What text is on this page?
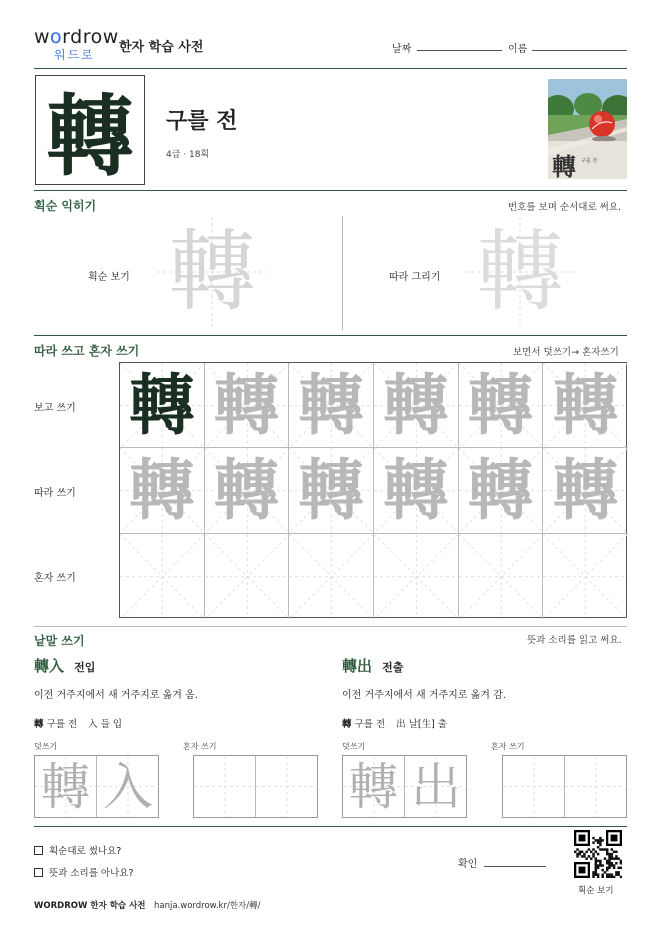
wordrow
워드로 한자 학습 사전	날짜	이름
轉	구를 전
4급 · 18획	轉 구를 전
획순 익히기	번호를 보며 순서대로 써요.
획순 보기 轉	따라 그리기 轉
따라 쓰고 혼자 쓰기	보면서 덧쓰기→ 혼자쓰기
보고 쓰기
따라 쓰기
혼자 쓰기
轉 轉 轉 轉 轉 轉
轉 轉 轉 轉 轉 轉
낱말 쓰기	뜻과 소리를 읽고 써요.
轉入 전입
이전 거주지에서 새 거주지로 옮겨 옴.
轉 구를 전 入 들 입
덧쓰기	혼자 쓰기
轉 入
轉出 전출
이전 거주지에서 새 거주지로 옮겨 감.
轉 구를 전 出 날[生] 출
덧쓰기	혼자 쓰기
轉 出
획순대로 썼나요?
뜻과 소리를 아나요?
확인
획순 보기
WORDROW 한자 학습 사전 hanja.wordrow.kr/한자/轉/
